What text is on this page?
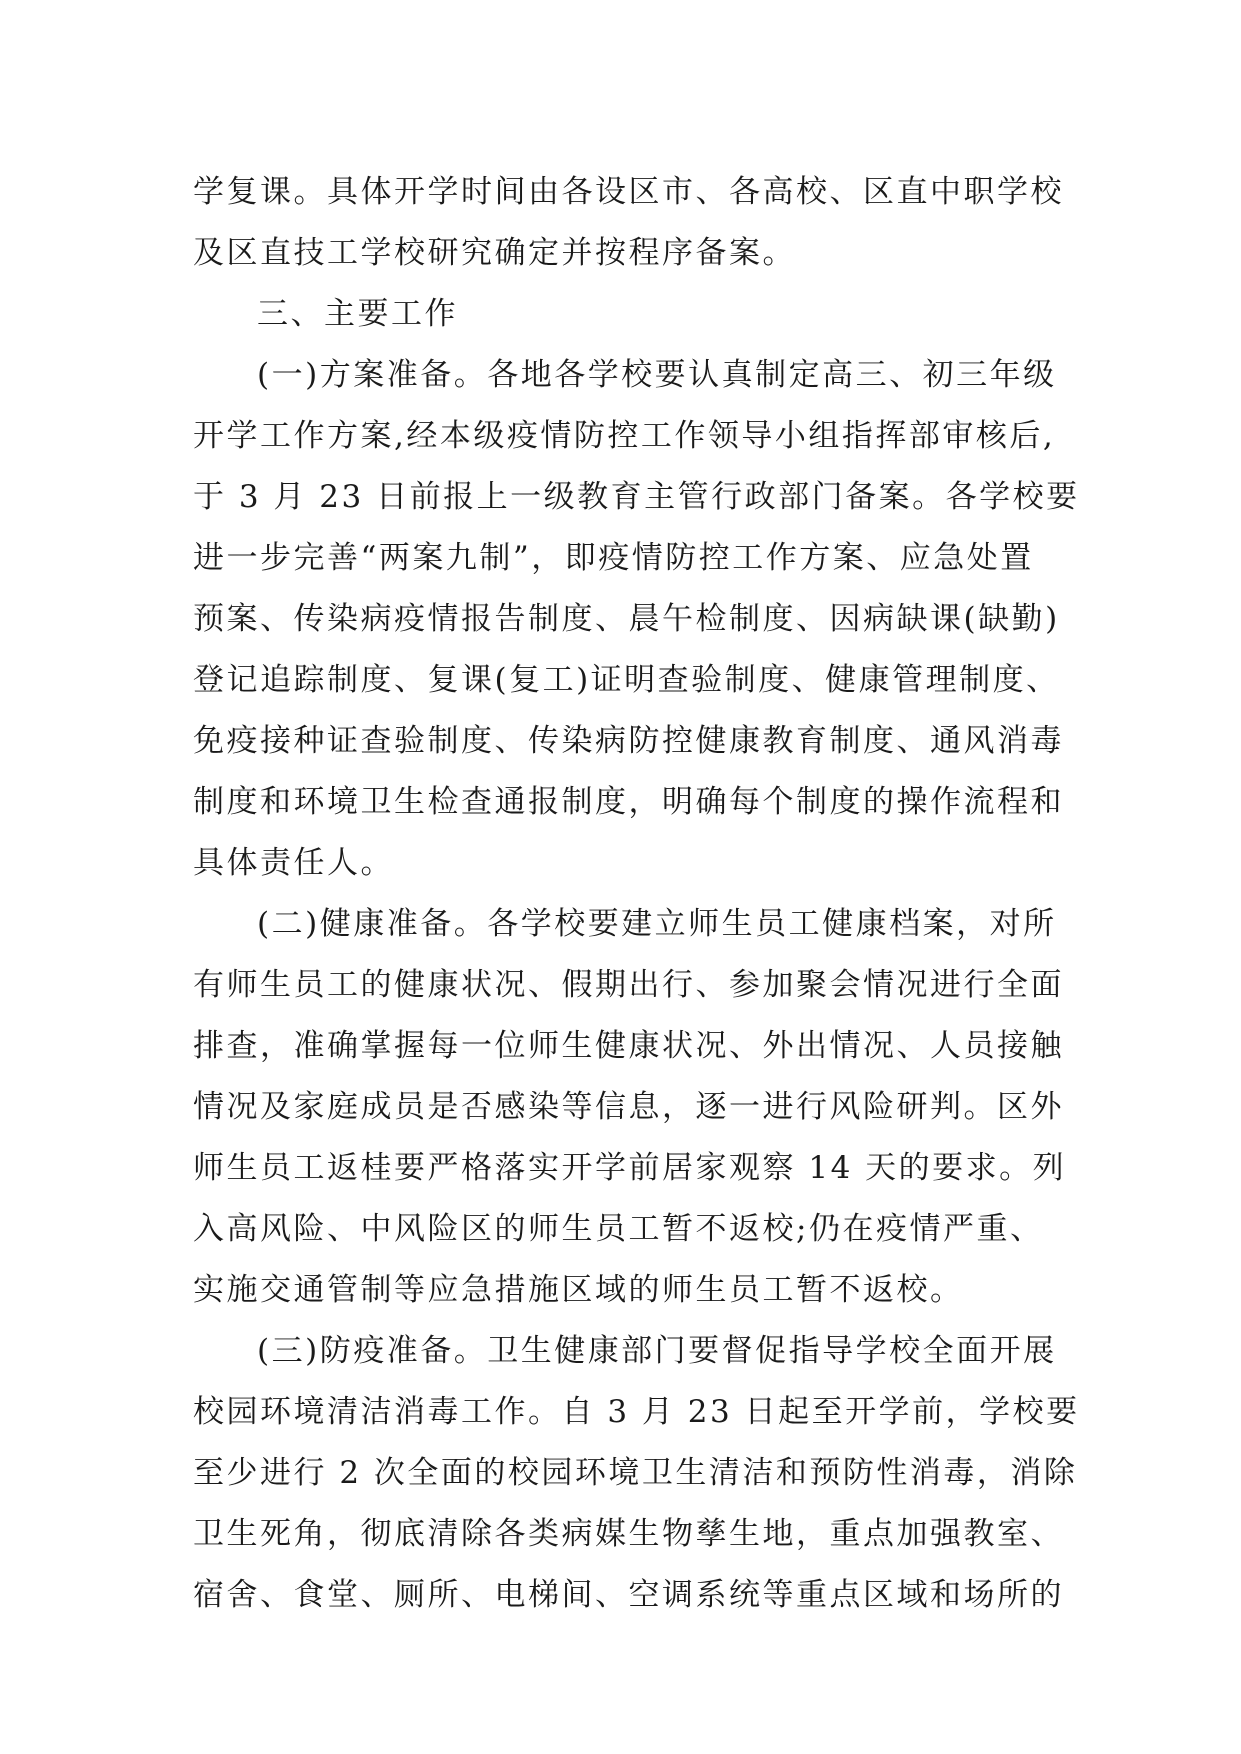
学复课。具体开学时间由各设区市、各高校、区直中职学校
及区直技工学校研究确定并按程序备案。
三、主要工作
(一)方案准备。各地各学校要认真制定高三、初三年级
开学工作方案,经本级疫情防控工作领导小组指挥部审核后,
于 3 月 23 日前报上一级教育主管行政部门备案。各学校要
进一步完善“两案九制”，即疫情防控工作方案、应急处置
预案、传染病疫情报告制度、晨午检制度、因病缺课(缺勤)
登记追踪制度、复课(复工)证明查验制度、健康管理制度、
免疫接种证查验制度、传染病防控健康教育制度、通风消毒
制度和环境卫生检查通报制度，明确每个制度的操作流程和
具体责任人。
(二)健康准备。各学校要建立师生员工健康档案，对所
有师生员工的健康状况、假期出行、参加聚会情况进行全面
排查，准确掌握每一位师生健康状况、外出情况、人员接触
情况及家庭成员是否感染等信息，逐一进行风险研判。区外
师生员工返桂要严格落实开学前居家观察 14 天的要求。列
入高风险、中风险区的师生员工暂不返校;仍在疫情严重、
实施交通管制等应急措施区域的师生员工暂不返校。
(三)防疫准备。卫生健康部门要督促指导学校全面开展
校园环境清洁消毒工作。自 3 月 23 日起至开学前，学校要
至少进行 2 次全面的校园环境卫生清洁和预防性消毒，消除
卫生死角，彻底清除各类病媒生物孳生地，重点加强教室、
宿舍、食堂、厕所、电梯间、空调系统等重点区域和场所的
